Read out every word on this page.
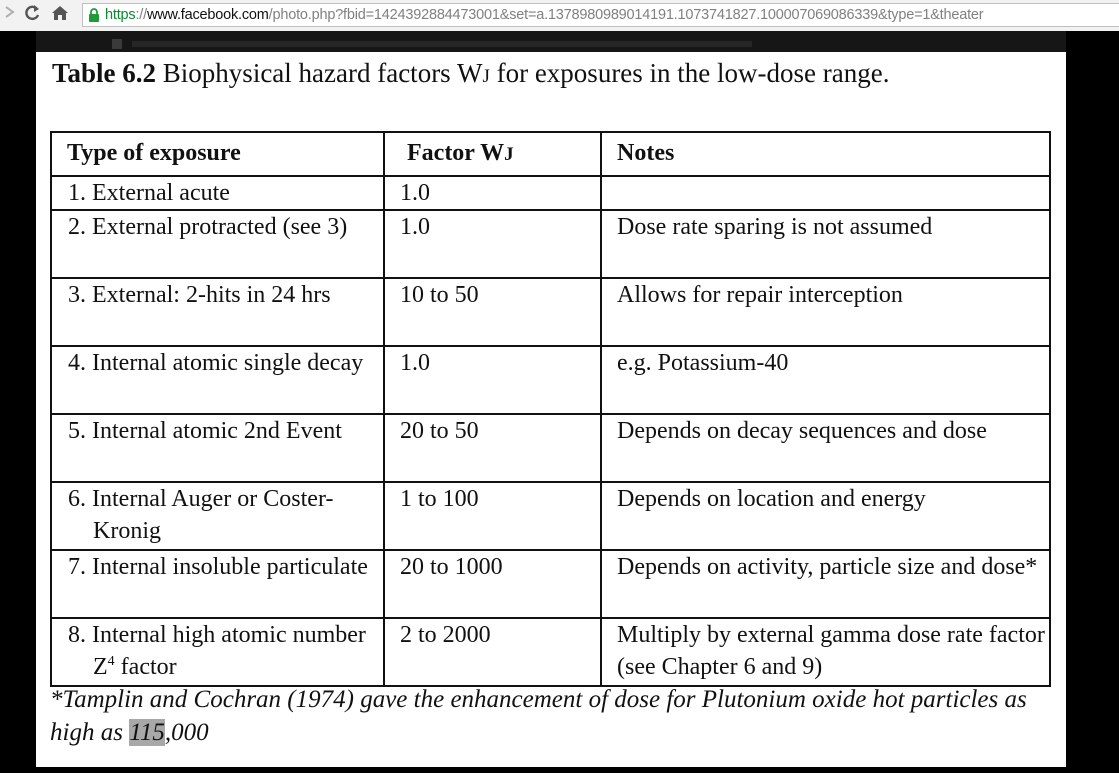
https://www.facebook.com/photo.php?fbid=1424392884473001&set=a.1378980989014191.1073741827.100007069086339&type=1&theater
Table 6.2 Biophysical hazard factors WJ for exposures in the low-dose range.
Type of exposure	Factor WJ	Notes

1. External acute	1.0	

2. External protracted (see 3)	1.0	Dose rate sparing is not assumed

3. External: 2-hits in 24 hrs	10 to 50	Allows for repair interception

4. Internal atomic single decay	1.0	e.g. Potassium-40

5. Internal atomic 2nd Event	20 to 50	Depends on decay sequences and dose

6. Internal Auger or Coster-Kronig	1 to 100	Depends on location and energy

7. Internal insoluble particulate	20 to 1000	Depends on activity, particle size and dose*

8. Internal high atomic number $Z^4$ factor	2 to 2000	Multiply by external gamma dose rate factor (see Chapter 6 and 9)
*Tamplin and Cochran (1974) gave the enhancement of dose for Plutonium oxide hot particles as high as 115,000
